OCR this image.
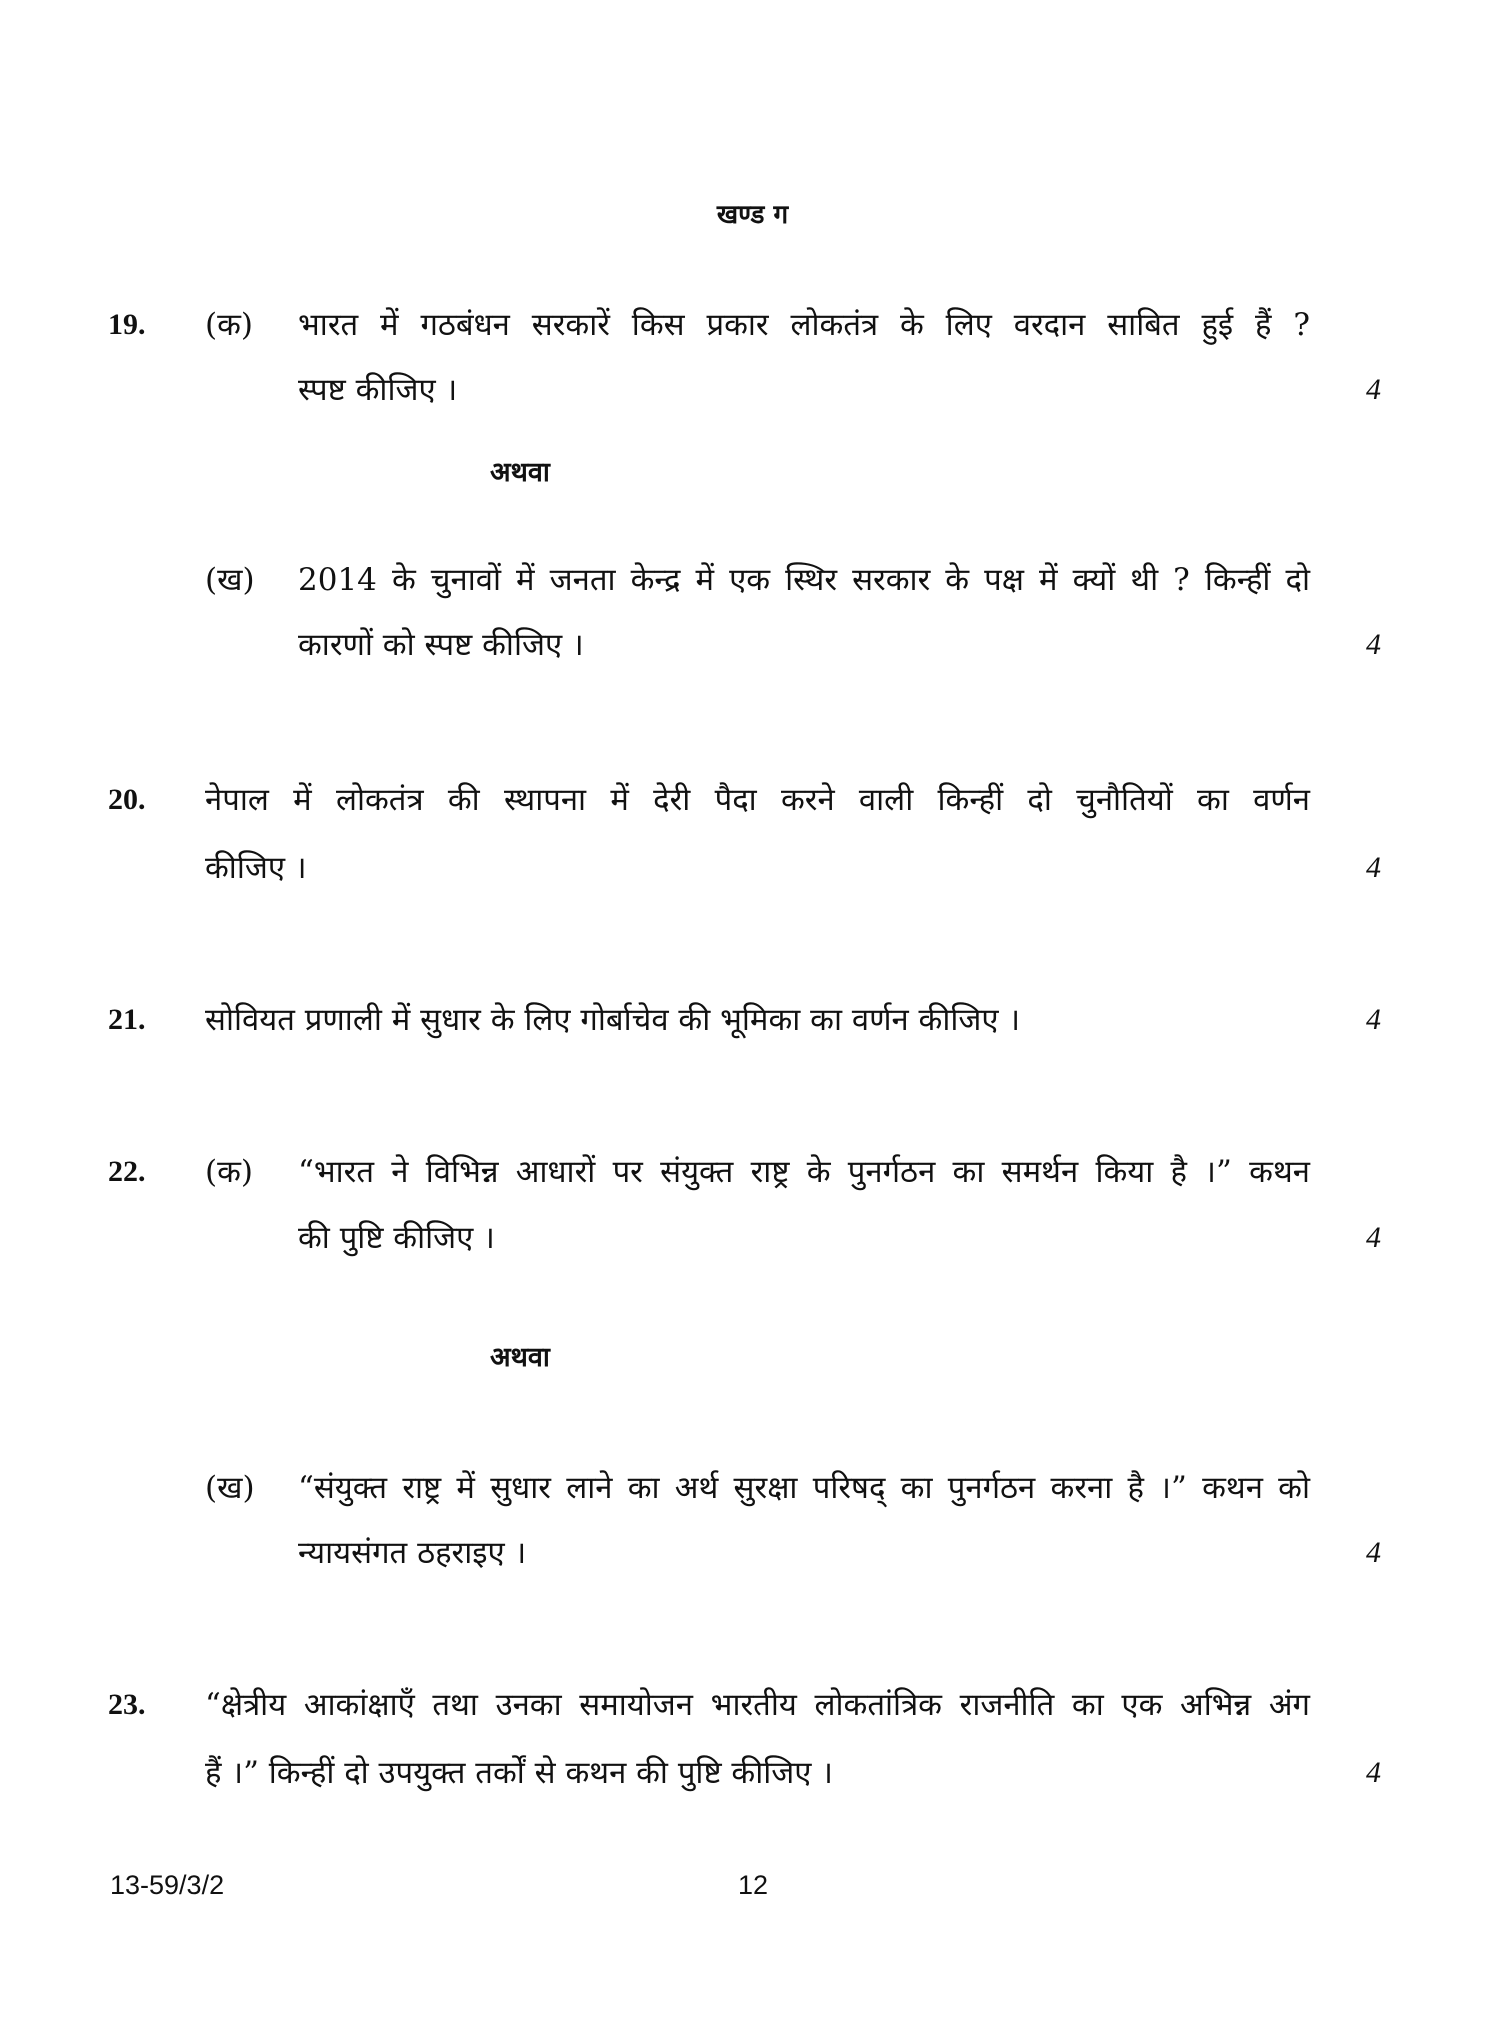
खण्ड ग
19. (क) भारत में गठबंधन सरकारें किस प्रकार लोकतंत्र के लिए वरदान साबित हुई हैं ?
स्पष्ट कीजिए ।	4
अथवा
(ख) 2014 के चुनावों में जनता केन्द्र में एक स्थिर सरकार के पक्ष में क्यों थी ? किन्हीं दो
कारणों को स्पष्ट कीजिए ।	4
20. नेपाल में लोकतंत्र की स्थापना में देरी पैदा करने वाली किन्हीं दो चुनौतियों का वर्णन
कीजिए ।	4
21. सोवियत प्रणाली में सुधार के लिए गोर्बाचेव की भूमिका का वर्णन कीजिए ।	4
22. (क) “भारत ने विभिन्न आधारों पर संयुक्त राष्ट्र के पुनर्गठन का समर्थन किया है ।” कथन
की पुष्टि कीजिए ।	4
अथवा
(ख) “संयुक्त राष्ट्र में सुधार लाने का अर्थ सुरक्षा परिषद् का पुनर्गठन करना है ।” कथन को
न्यायसंगत ठहराइए ।	4
23. “क्षेत्रीय आकांक्षाएँ तथा उनका समायोजन भारतीय लोकतांत्रिक राजनीति का एक अभिन्न अंग
हैं ।” किन्हीं दो उपयुक्त तर्कों से कथन की पुष्टि कीजिए ।	4
13-59/3/2	12
